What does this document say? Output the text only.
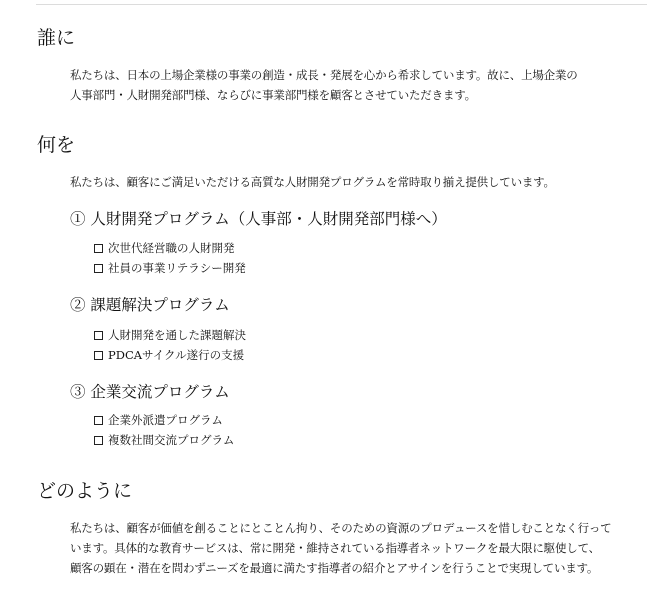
誰に

私たちは、日本の上場企業様の事業の創造・成長・発展を心から希求しています。故に、上場企業の

人事部門・人財開発部門様、ならびに事業部門様を顧客とさせていただきます。

何を

私たちは、顧客にご満足いただける高質な人財開発プログラムを常時取り揃え提供しています。

① 人財開発プログラム（人事部・人財開発部門様へ）
次世代経営職の人財開発
社員の事業リテラシー開発
② 課題解決プログラム
人財開発を通した課題解決
PDCAサイクル遂行の支援
③ 企業交流プログラム
企業外派遣プログラム
複数社間交流プログラム
どのように

私たちは、顧客が価値を創ることにとことん拘り、そのための資源のプロデュースを惜しむことなく行って

います。具体的な教育サービスは、常に開発・維持されている指導者ネットワークを最大限に駆使して、

顧客の顕在・潜在を問わずニーズを最適に満たす指導者の紹介とアサインを行うことで実現しています。
